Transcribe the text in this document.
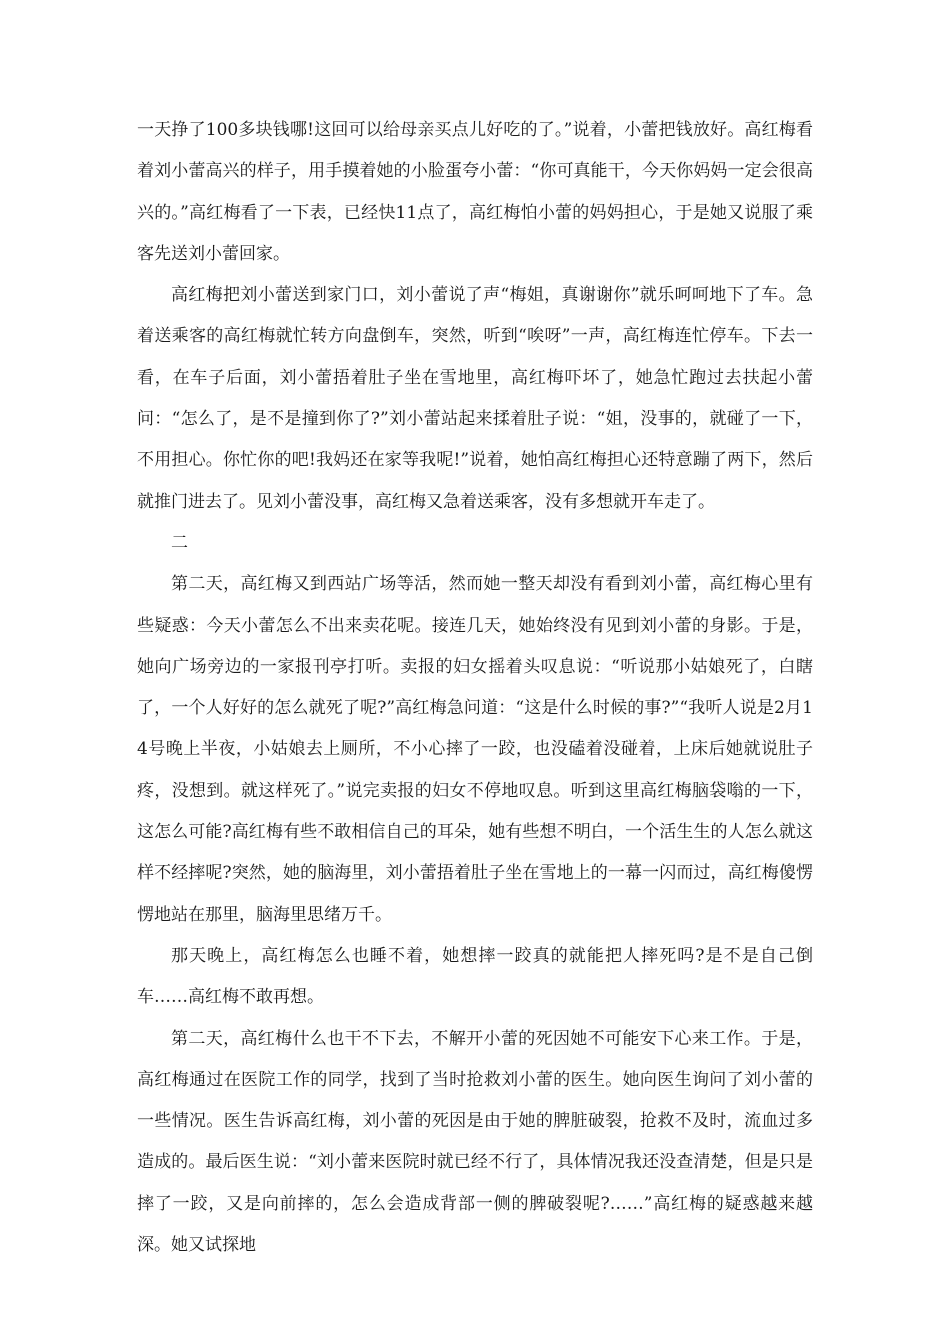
一天挣了100多块钱哪!这回可以给母亲买点儿好吃的了。”说着，小蕾把钱放好。高红梅看着刘小蕾高兴的样子，用手摸着她的小脸蛋夸小蕾：“你可真能干，今天你妈妈一定会很高兴的。”高红梅看了一下表，已经快11点了，高红梅怕小蕾的妈妈担心，于是她又说服了乘客先送刘小蕾回家。

高红梅把刘小蕾送到家门口，刘小蕾说了声“梅姐，真谢谢你”就乐呵呵地下了车。急着送乘客的高红梅就忙转方向盘倒车，突然，听到“唉呀”一声，高红梅连忙停车。下去一看，在车子后面，刘小蕾捂着肚子坐在雪地里，高红梅吓坏了，她急忙跑过去扶起小蕾问：“怎么了，是不是撞到你了?”刘小蕾站起来揉着肚子说：“姐，没事的，就碰了一下，不用担心。你忙你的吧!我妈还在家等我呢!”说着，她怕高红梅担心还特意蹦了两下，然后就推门进去了。见刘小蕾没事，高红梅又急着送乘客，没有多想就开车走了。

二

第二天，高红梅又到西站广场等活，然而她一整天却没有看到刘小蕾，高红梅心里有些疑惑：今天小蕾怎么不出来卖花呢。接连几天，她始终没有见到刘小蕾的身影。于是，她向广场旁边的一家报刊亭打听。卖报的妇女摇着头叹息说：“听说那小姑娘死了，白瞎了，一个人好好的怎么就死了呢?”高红梅急问道：“这是什么时候的事?”“我听人说是2月14号晚上半夜，小姑娘去上厕所，不小心摔了一跤，也没磕着没碰着，上床后她就说肚子疼，没想到。就这样死了。”说完卖报的妇女不停地叹息。听到这里高红梅脑袋嗡的一下，这怎么可能?高红梅有些不敢相信自己的耳朵，她有些想不明白，一个活生生的人怎么就这样不经摔呢?突然，她的脑海里，刘小蕾捂着肚子坐在雪地上的一幕一闪而过，高红梅傻愣愣地站在那里，脑海里思绪万千。

那天晚上，高红梅怎么也睡不着，她想摔一跤真的就能把人摔死吗?是不是自己倒车……高红梅不敢再想。

第二天，高红梅什么也干不下去，不解开小蕾的死因她不可能安下心来工作。于是，高红梅通过在医院工作的同学，找到了当时抢救刘小蕾的医生。她向医生询问了刘小蕾的一些情况。医生告诉高红梅，刘小蕾的死因是由于她的脾脏破裂，抢救不及时，流血过多造成的。最后医生说：“刘小蕾来医院时就已经不行了，具体情况我还没查清楚，但是只是摔了一跤，又是向前摔的，怎么会造成背部一侧的脾破裂呢?……”高红梅的疑惑越来越深。她又试探地
